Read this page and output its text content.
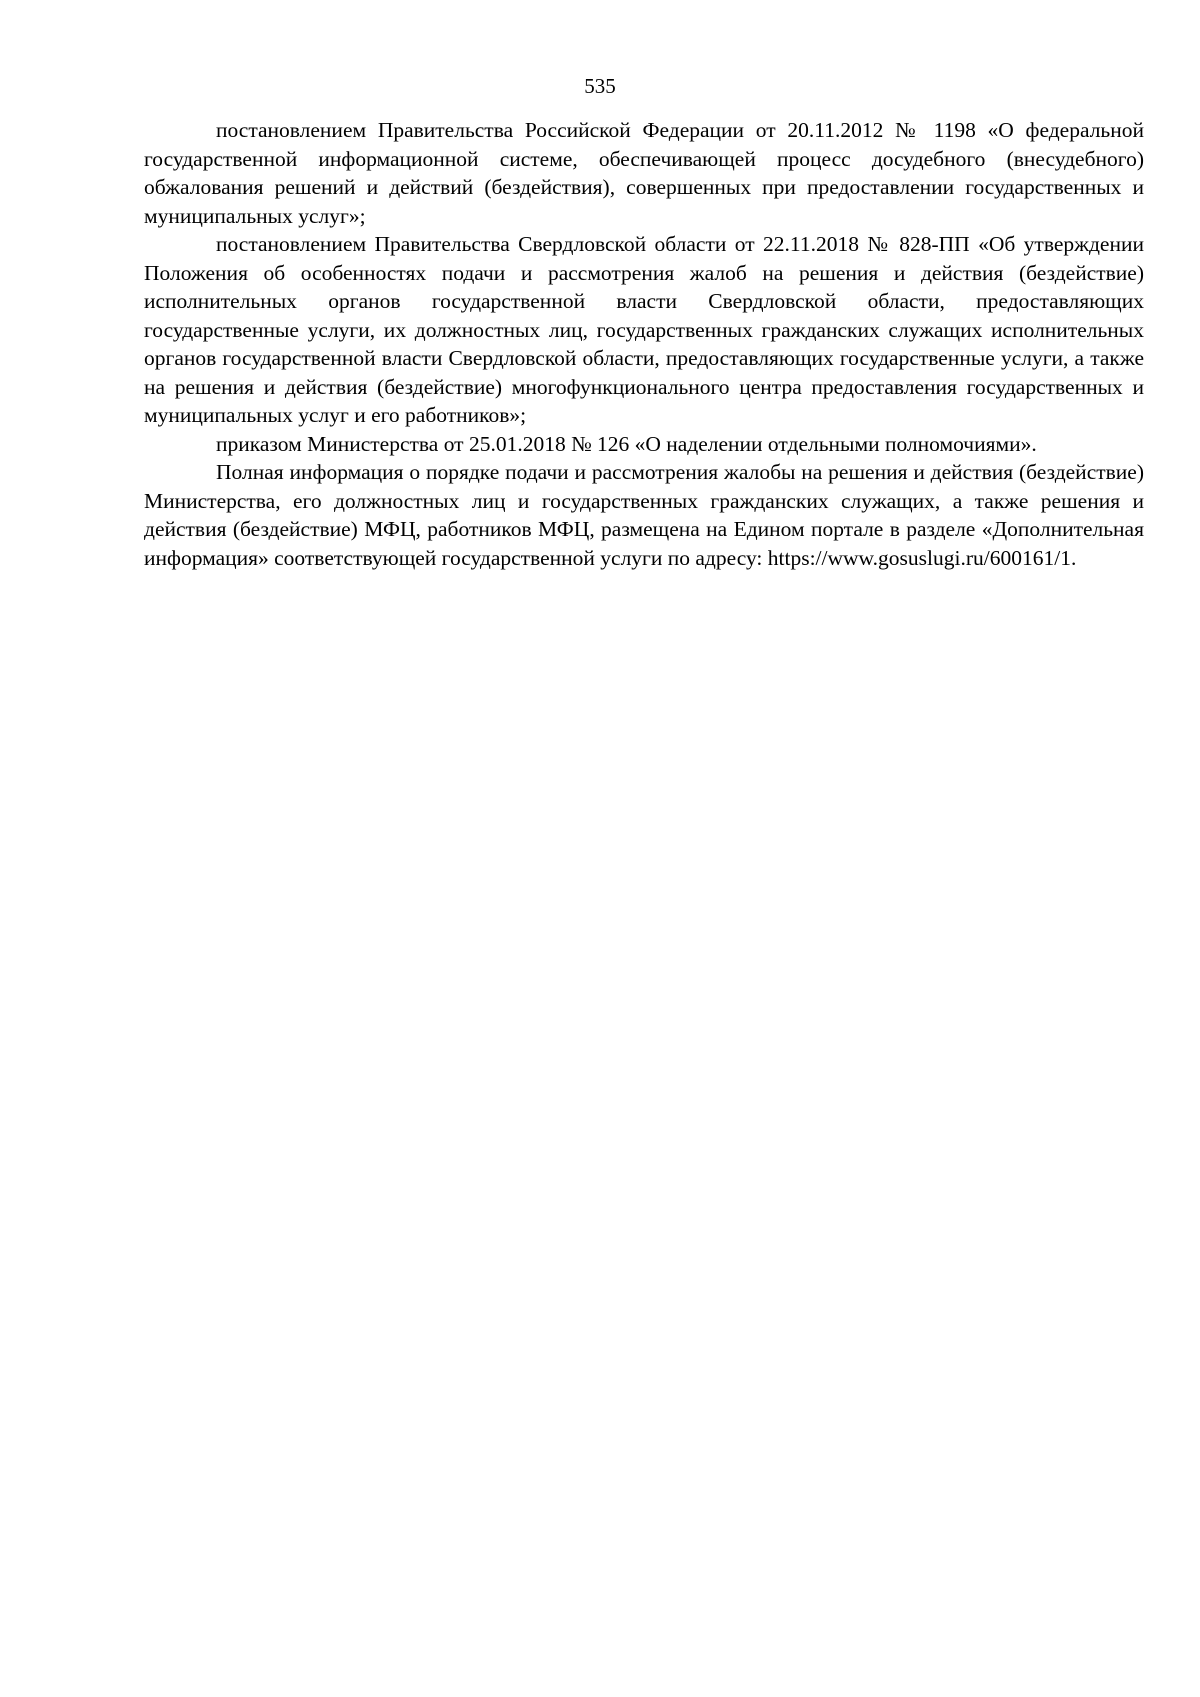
535

постановлением Правительства Российской Федерации от 20.11.2012 № 1198 «О федеральной государственной информационной системе, обеспечивающей процесс досудебного (внесудебного) обжалования решений и действий (бездействия), совершенных при предоставлении государственных и муниципальных услуг»;

постановлением Правительства Свердловской области от 22.11.2018 № 828-ПП «Об утверждении Положения об особенностях подачи и рассмотрения жалоб на решения и действия (бездействие) исполнительных органов государственной власти Свердловской области, предоставляющих государственные услуги, их должностных лиц, государственных гражданских служащих исполнительных органов государственной власти Свердловской области, предоставляющих государственные услуги, а также на решения и действия (бездействие) многофункционального центра предоставления государственных и муниципальных услуг и его работников»;

приказом Министерства от 25.01.2018 № 126 «О наделении отдельными полномочиями».

Полная информация о порядке подачи и рассмотрения жалобы на решения и действия (бездействие) Министерства, его должностных лиц и государственных гражданских служащих, а также решения и действия (бездействие) МФЦ, работников МФЦ, размещена на Едином портале в разделе «Дополнительная информация» соответствующей государственной услуги по адресу: https://www.gosuslugi.ru/600161/1.
